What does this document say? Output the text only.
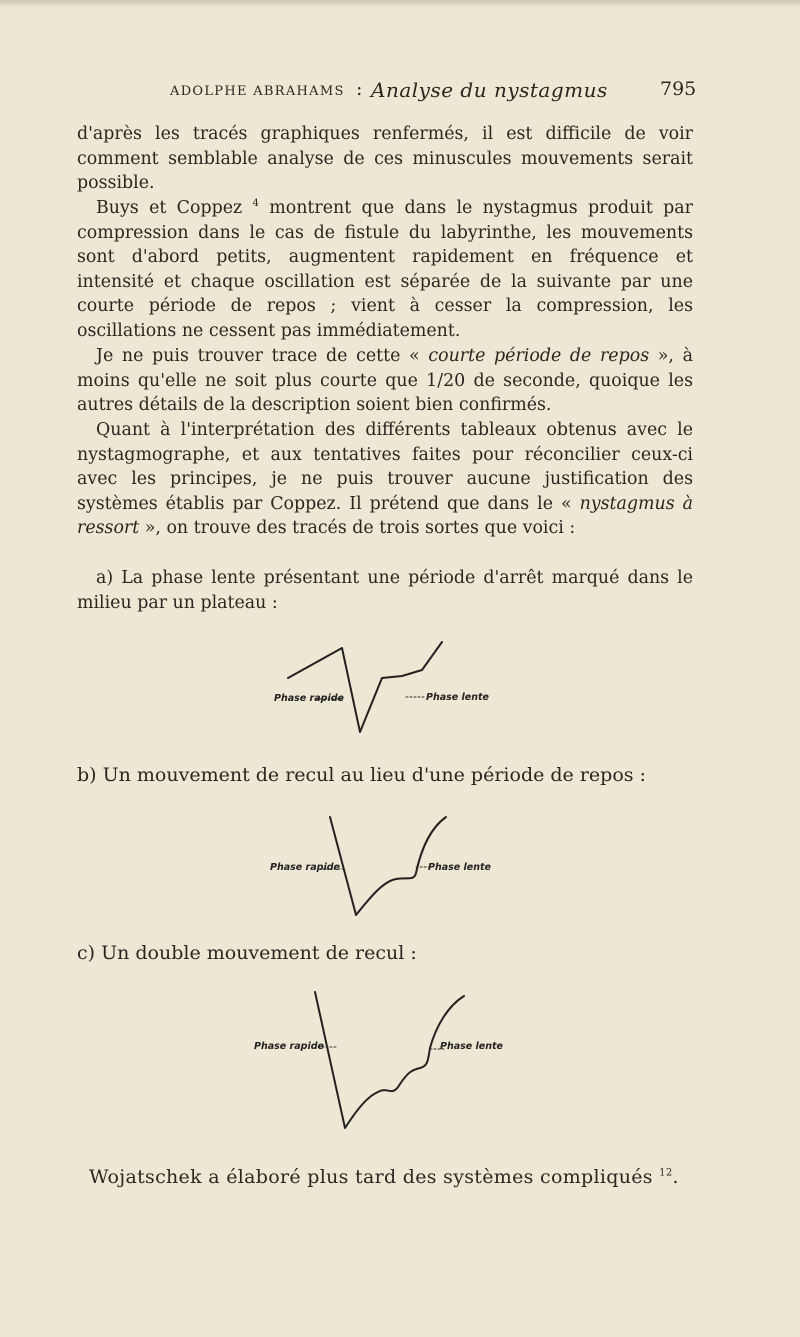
ADOLPHE ABRAHAMS : Analyse du nystagmus	795
d'après les tracés graphiques renfermés, il est difficile de voir comment semblable analyse de ces minuscules mouvements serait possible.
Buys et Coppez $^4$ montrent que dans le nystagmus produit par compression dans le cas de fistule du labyrinthe, les mouvements sont d'abord petits, augmentent rapidement en fréquence et intensité et chaque oscillation est séparée de la suivante par une courte période de repos ; vient à cesser la compression, les oscillations ne cessent pas immédiatement.
Je ne puis trouver trace de cette « courte période de repos », à moins qu'elle ne soit plus courte que 1/20 de seconde, quoique les autres détails de la description soient bien confirmés.
Quant à l'interprétation des différents tableaux obtenus avec le nystagmographe, et aux tentatives faites pour réconcilier ceux-ci avec les principes, je ne puis trouver aucune justification des systèmes établis par Coppez. Il prétend que dans le « nystagmus à ressort », on trouve des tracés de trois sortes que voici :
a) La phase lente présentant une période d'arrêt marqué dans le milieu par un plateau :
Phase rapide	Phase lente
b) Un mouvement de recul au lieu d'une période de repos :
Phase rapide	Phase lente
c) Un double mouvement de recul :
Phase rapide	Phase lente
Wojatschek a élaboré plus tard des systèmes compliqués $^{12}$.
